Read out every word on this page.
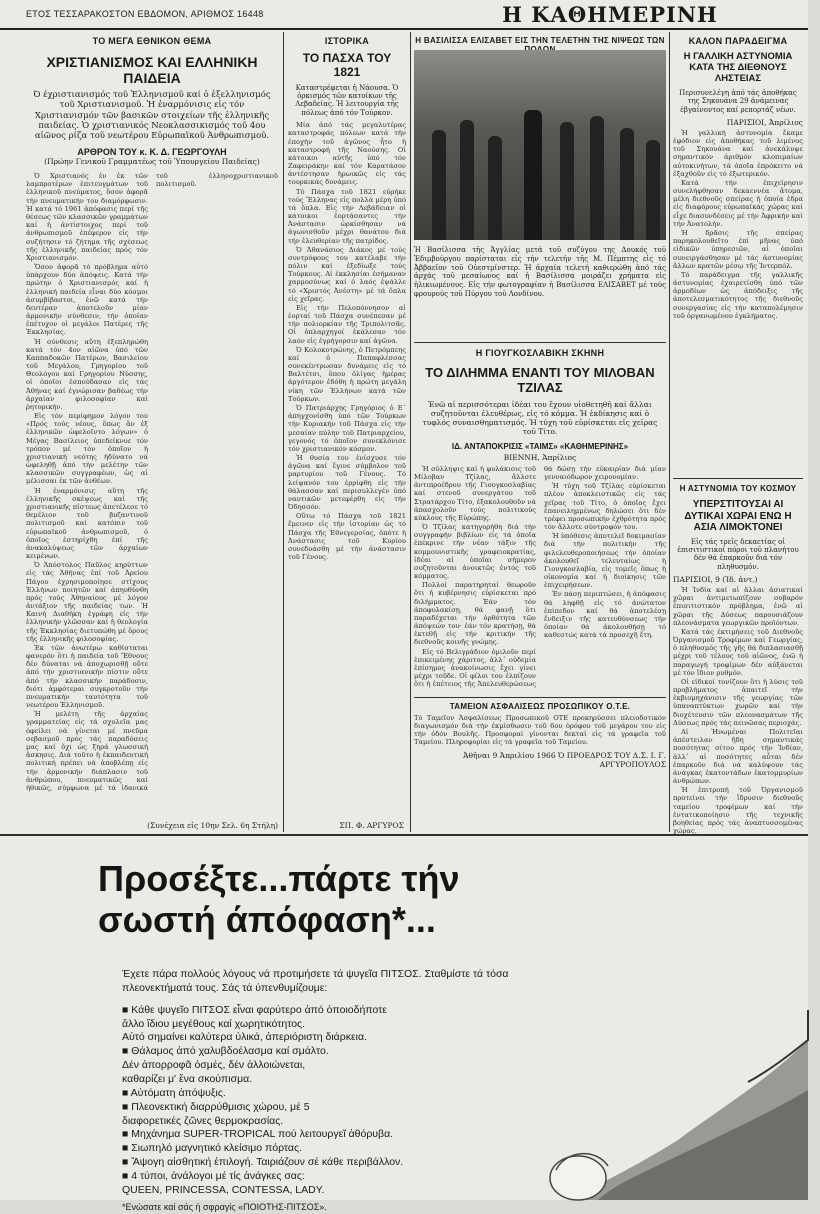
ΕΤΟΣ ΤΕΣΣΑΡΑΚΟΣΤΟΝ ΕΒΔΟΜΟΝ, ΑΡΙΘΜΟΣ 16448	Η ΚΑΘΗΜΕΡΙΝΗ
ΤΟ ΜΕΓΑ ΕΘΝΙΚΟΝ ΘΕΜΑ
ΧΡΙΣΤΙΑΝΙΣΜΟΣ ΚΑΙ ΕΛΛΗΝΙΚΗ ΠΑΙΔΕΙΑ
Ό έχριστιανισμός τοῦ Ἑλληνισμοῦ καί ὁ ἐξελληνισμός τοῦ Χριστιανισμοῦ. Ἡ ἐναρμόνισις εἰς τόν Χριστιανισμόν τῶν βασικῶν στοιχείων τῆς ἑλληνικῆς παιδείας. Ὁ χριστιανικός Νεοκλασσικισμός τοῦ 4ου αἰῶνος ρίζα τοῦ νεωτέρου Εὐρωπαϊκοῦ Ἀνθρωπισμοῦ.
ΑΡΘΡΟΝ ΤΟΥ κ. Κ. Δ. ΓΕΩΡΓΟΥΛΗ
(Πρώην Γενικοῦ Γραμματέως τοῦ Ὑπουργείου Παιδείας)

Ὁ Χριστιανός ἐν ἐκ τῶν λαμπροτέρων ἐπιτευγμάτων τοῦ ἑλληνικοῦ πνεύματος, ὅσον ἀφορᾶ τήν πνευματικήν του διαμόρφωσιν. Ἡ κατά τό 1961 ἀπόφασις περί τῆς θέσεως τῶν κλασσικῶν γραμμάτων καί ἡ ἀντίστοιχος περί τοῦ ἀνθρωπισμοῦ ἐπέφερον εἰς τήν συζήτησιν τό ζήτημα τῆς σχέσεως τῆς ἑλληνικῆς παιδείας πρός τόν Χριστιανισμόν.

Ὅσον ἀφορᾶ τό πρόβλημα αὐτό ὑπάρχουν δύο ἀπόψεις. Κατά τήν πρώτην ὁ Χριστιανισμός καί ἡ ἑλληνική παιδεία εἶναι δύο κόσμοι ἀσυμβίβαστοι, ἐνῶ κατά τήν δευτέραν ἀποτελοῦν μίαν ἀρμονικήν σύνθεσιν, τήν ὁποίαν ἐπέτυχον οἱ μεγάλοι Πατέρες τῆς Ἐκκλησίας.

Ἡ σύνθεσις αὕτη ἐξεπληρώθη κατά τόν 4ον αἰῶνα ὑπό τῶν Καππαδοκῶν Πατέρων, Βασιλείου τοῦ Μεγάλου, Γρηγορίου τοῦ Θεολόγου καί Γρηγορίου Νύσσης, οἱ ὁποῖοι ἐσπούδασαν εἰς τάς Ἀθήνας καί ἐγνώρισαν βαθέως τήν ἀρχαίαν φιλοσοφίαν καί ῥητορικήν.

Εἰς τόν περίφημον λόγον του «Πρός τούς νέους, ὅπως ἄν ἐξ ἑλληνικῶν ὠφελοῖντο λόγων» ὁ Μέγας Βασίλειος ὑπεδείκνυε τόν τρόπον μέ τόν ὁποῖον ἡ χριστιανική νεότης ἠδύνατο νά ὠφεληθῇ ἀπό τήν μελέτην τῶν κλασσικῶν συγγραφέων, ὡς αἱ μέλισσαι ἐκ τῶν ἀνθέων.

Ἡ ἐναρμόνισις αὕτη τῆς ἑλληνικῆς σκέψεως καί τῆς χριστιανικῆς πίστεως ἀπετέλεσε τό θεμέλιον τοῦ βυζαντινοῦ πολιτισμοῦ καί κατόπιν τοῦ εὐρωπαϊκοῦ ἀνθρωπισμοῦ, ὁ ὁποῖος ἐστηρίχθη ἐπί τῆς ἀνακαλύψεως τῶν ἀρχαίων κειμένων.

Ὁ Ἀπόστολος Παῦλος κηρύττων εἰς τάς Ἀθήνας ἐπί τοῦ Ἀρείου Πάγου ἐχρησιμοποίησε στίχους Ἑλλήνων ποιητῶν καί ἀπηυθύνθη πρός τούς Ἀθηναίους μέ λόγον ἀντάξιον τῆς παιδείας των. Ἡ Καινή Διαθήκη ἐγράφη εἰς τήν ἑλληνικήν γλῶσσαν καί ἡ θεολογία τῆς Ἐκκλησίας διετυπώθη μέ ὅρους τῆς ἑλληνικῆς φιλοσοφίας.

Ἐκ τῶν ἀνωτέρω καθίσταται φανερόν ὅτι ἡ παιδεία τοῦ Ἔθνους δέν δύναται νά ἀποχωρισθῇ οὔτε ἀπό τήν χριστιανικήν πίστιν οὔτε ἀπό τήν κλασσικήν παράδοσιν, διότι ἀμφότεραι συγκροτοῦν τήν πνευματικήν ταυτότητα τοῦ νεωτέρου Ἑλληνισμοῦ.

Ἡ μελέτη τῆς ἀρχαίας γραμματείας εἰς τά σχολεῖα μας ὀφείλει νά γίνεται μέ πνεῦμα σεβασμοῦ πρός τάς παραδόσεις μας καί ὄχι ὡς ξηρά γλωσσική ἄσκησις. Διά τοῦτο ἡ ἐκπαιδευτική πολιτική πρέπει νά ἀποβλέπῃ εἰς τήν ἀρμονικήν διάπλασιν τοῦ ἀνθρώπου, πνευματικῶς καί ἠθικῶς, σύμφωνα μέ τά ἰδανικά τοῦ ἑλληνοχριστιανικοῦ πολιτισμοῦ.

(Συνέχεια εἰς 10ην Σελ. 6η Στήλη)
ΙΣΤΟΡΙΚΑ
ΤΟ ΠΑΣΧΑ ΤΟΥ 1821
Καταστρέφεται ἡ Νάουσα. Ὁ ὀρκισμός τῶν κατοίκων τῆς Λεβαδείας. Ἡ λειτουργία τῆς πόλεως ἀπό τόν Τούρκον.

Μία ἀπό τάς μεγαλυτέρας καταστροφάς πόλεων κατά τήν ἐποχήν τοῦ ἀγῶνος ἦτο ἡ καταστροφή τῆς Ναούσης. Οἱ κάτοικοι αὐτῆς ὑπό τόν Ζαφειράκην καί τόν Καρατάσον ἀντέστησαν ἡρωικῶς εἰς τάς τουρκικάς δυνάμεις.

Τό Πάσχα τοῦ 1821 εὑρήκε τούς Ἕλληνας εἰς πολλά μέρη ὑπό τά ὅπλα. Εἰς τήν Λεβάδειαν οἱ κάτοικοι ἐορτάσαντες τήν Ἀνάστασιν ὡρκίσθησαν νά ἀγωνισθοῦν μέχρι θανάτου διά τήν ἐλευθερίαν τῆς πατρίδος.

Ὁ Ἀθανάσιος Διάκος μέ τούς συντρόφους του κατέλαβε τήν πόλιν καί ἐξεδίωξε τούς Τούρκους. Αἱ ἐκκλησίαι ἐσήμαναν χαρμοσύνως καί ὁ λαός ἐψάλλε τό «Χριστός Ἀνέστη» μέ τά ὅπλα εἰς χεῖρας.

Εἰς τήν Πελοπόννησον αἱ ἐορταί τοῦ Πάσχα συνέπεσαν μέ τήν πολιορκίαν τῆς Τριπολιτσᾶς. Οἱ ὁπλαρχηγοί ἐκάλεσαν τόν λαόν εἰς ἐγρήγορσιν καί ἀγῶνα.

Ὁ Κολοκοτρώνης, ὁ Πετρόμπεης καί ὁ Παπαφλέσσας συνεκέντρωσαν δυνάμεις εἰς τό Βαλτέτσι, ὅπου ὀλίγας ἡμέρας ἀργότερον ἐδόθη ἡ πρώτη μεγάλη νίκη τῶν Ἑλλήνων κατά τῶν Τούρκων.

Ὁ Πατριάρχης Γρηγόριος ὁ Ε΄ ἀπηγχονίσθη ὑπό τῶν Τούρκων τήν Κυριακήν τοῦ Πάσχα εἰς τήν μεσαίαν πύλην τοῦ Πατριαρχείου, γεγονός τό ὁποῖον συνεκλόνισε τόν χριστιανικόν κόσμον.

Ἡ θυσία του ἐνίσχυσε τόν ἀγῶνα καί ἔγινε σύμβολον τοῦ μαρτυρίου τοῦ Γένους. Τό λείψανόν του ἐρρίφθη εἰς τήν θάλασσαν καί περισυλλεγέν ὑπό ναυτικῶν μετεφέρθη εἰς τήν Ὀδησσόν.

Οὕτω τό Πάσχα τοῦ 1821 ἔμεινεν εἰς τήν ἱστορίαν ὡς τό Πάσχα τῆς Ἐθνεγερσίας, ὁπότε ἡ Ἀνάστασις τοῦ Κυρίου συνεδυάσθη μέ τήν ἀνάστασιν τοῦ Γένους.

ΣΠ. Φ. ΑΡΓΥΡΟΣ
Η ΒΑΣΙΛΙΣΣΑ ΕΛΙΣΑΒΕΤ ΕΙΣ ΤΗΝ ΤΕΛΕΤΗΝ ΤΗΣ ΝΙΨΕΩΣ ΤΩΝ
Ἡ Βασίλισσα τῆς Ἀγγλίας μετά τοῦ συζύγου της Δουκός τοῦ Ἐδιμβούργου παρίσταται εἰς τήν τελετήν τῆς Μ. Πέμπτης εἰς τό Ἀββαεῖον τοῦ Οὐεστμίνστερ. Ἡ ἀρχαία τελετή καθιερώθη ἀπό τάς ἀρχάς τοῦ μεσαίωνος καί ἡ Βασίλισσα μοιράζει χρήματα εἰς ἡλικιωμένους. Εἰς τήν φωτογραφίαν ἡ Βασίλισσα ΕΛΙΣΑΒΕΤ μέ τούς φρουρούς τοῦ Πύργου τοῦ Λονδίνου.
Η ΓΙΟΥΓΚΟΣΛΑΒΙΚΗ ΣΚΗΝΗ
ΤΟ ΔΙΛΗΜΜΑ ΕΝΑΝΤΙ ΤΟΥ ΜΙΛΟΒΑΝ ΤΖΙΛΑΣ
Ἐνῶ αἱ περισσότεραι ἰδέαι του ἔχουν υἱοθετηθῆ καί ἄλλαι συζητοῦνται ἐλευθέρως, εἰς τό κόμμα. Ἡ ἐκδίκησις καί ὁ τυφλός συναισθηματισμός. Ἡ τύχη τοῦ εὑρίσκεται εἰς χεῖρας τοῦ Τίτο.
ΙΔ. ΑΝΤΑΠΟΚΡΙΣΙΣ «ΤΑΙΜΣ» «ΚΑΘΗΜΕΡΙΝΗΣ»
ΒΙΕΝΝΗ, Ἀπρίλιος

Ἡ σύλληψις καί ἡ φυλάκισις τοῦ Μίλοβαν Τζίλας, ἄλλοτε ἀντιπροέδρου τῆς Γιουγκοσλαβίας καί στενοῦ συνεργάτου τοῦ Στρατάρχου Τίτο, ἐξακολουθοῦν νά ἀπασχολοῦν τούς πολιτικούς κύκλους τῆς Εὐρώπης.

Ὁ Τζίλας κατηγορήθη διά τήν συγγραφήν βιβλίων εἰς τά ὁποῖα ἐπέκρινε τήν νέαν τάξιν τῆς κομμουνιστικῆς γραφειοκρατίας, ἰδέαι αἱ ὁποῖαι σήμερον συζητοῦνται ἀνοικτῶς ἐντός τοῦ κόμματος.

Πολλοί παρατηρηταί θεωροῦν ὅτι ἡ κυβέρνησις εὑρίσκεται πρό διλήμματος. Ἐάν τόν ἀποφυλακίσῃ, θά φανῇ ὅτι παραδέχεται τήν ὀρθότητα τῶν ἀπόψεών του· ἐάν τόν κρατήσῃ, θά ἐκτεθῇ εἰς τήν κριτικήν τῆς διεθνοῦς κοινῆς γνώμης.

Εἰς τό Βελιγράδιον ὁμιλοῦν περί ἐπικειμένης χάριτος, ἀλλ᾽ οὐδεμία ἐπίσημος ἀνακοίνωσις ἔχει γίνει μέχρι τοῦδε. Οἱ φίλοι του ἐλπίζουν ὅτι ἡ ἐπέτειος τῆς Ἀπελευθερώσεως θά δώσῃ τήν εὐκαιρίαν διά μίαν γενναιόδωρον χειρονομίαν.

Ἡ τύχη τοῦ Τζίλας εὑρίσκεται πλέον ἀποκλειστικῶς εἰς τάς χεῖρας τοῦ Τίτο, ὁ ὁποῖος ἔχει ἐπανειλημμένως δηλώσει ὅτι δέν τρέφει προσωπικήν ἐχθρότητα πρός τόν ἄλλοτε σύντροφόν του.

Ἡ ὑπόθεσις ἀποτελεῖ δοκιμασίαν διά τήν πολιτικήν τῆς φιλελευθεροποιήσεως τήν ὁποίαν ἀκολουθεῖ τελευταίως ἡ Γιουγκοσλαβία, εἰς τομεῖς ὅπως ἡ οἰκονομία καί ἡ διοίκησις τῶν ἐπιχειρήσεων.

Ἐν πάσῃ περιπτώσει, ἡ ἀπόφασις θά ληφθῇ εἰς τό ἀνώτατον ἐπίπεδον καί θά ἀποτελέσῃ ἔνδειξιν τῆς κατευθύνσεως τήν ὁποίαν θά ἀκολουθήσῃ τό καθεστώς κατά τά προσεχῆ ἔτη.

ΤΑΜΕΙΟΝ ΑΣΦΑΛΙΣΕΩΣ ΠΡΟΣΩΠΙΚΟΥ Ο.Τ.Ε.
Τό Ταμεῖον Ἀσφαλίσεως Προσωπικοῦ ΟΤΕ προκηρύσσει πλειοδοτικόν διαγωνισμόν διά τήν ἐκμίσθωσιν τοῦ 6ου ὀρόφου τοῦ μεγάρου του εἰς τήν ὁδόν Βουλῆς. Προσφοραί γίνονται δεκταί εἰς τά γραφεῖα τοῦ Ταμείου. Πληροφορίαι εἰς τά γραφεῖα τοῦ Ταμείου.
Ἀθῆναι 9 Ἀπριλίου 1966 Ὁ ΠΡΟΕΔΡΟΣ ΤΟΥ Δ.Σ. Ι. Γ. ΑΡΓΥΡΟΠΟΥΛΟΣ
ΚΑΛΟΝ ΠΑΡΑΔΕΙΓΜΑ
Η ΓΑΛΛΙΚΗ ΑΣΤΥΝΟΜΙΑ ΚΑΤΑ ΤΗΣ ΔΙΕΘΝΟΥΣ ΛΗΣΤΕΙΑΣ
Περισυνελέγη ἀπό τάς ἀποθήκας της Σηκουάνα 29 ἀνάμεινας ἐβγαίνοντος καί ρεπορτάζ νέων.
ΠΑΡΙΣΙΟΙ, Ἀπρίλιος

Ἡ γαλλική ἀστυνομία ἔκαμε ἐφόδιον εἰς ἀποθήκας τοῦ λιμένος τοῦ Σηκουάνα καί ἀνεκάλυψε σημαντικόν ἀριθμόν κλοπιμαίων αὐτοκινήτων, τά ὁποῖα ἐπρόκειτο νά ἐξαχθοῦν εἰς τό ἐξωτερικόν.

Κατά τήν ἐπιχείρησιν συνελήφθησαν δεκαεννέα ἄτομα, μέλη διεθνοῦς σπείρας ἡ ὁποία ἐδρα εἰς διαφόρους εὐρωπαϊκάς χώρας καί εἶχε διασυνδέσεις μέ τήν Ἀφρικήν καί τήν Ἀνατολήν.

Ἡ δρᾶσις τῆς σπείρας παρηκολουθεῖτο ἐπί μῆνας ὑπό εἰδικῶν ὑπηρεσιῶν, αἱ ὁποῖαι συνειργάσθησαν μέ τάς ἀστυνομίας ἄλλων κρατῶν μέσῳ τῆς Ἰντερπόλ.

Τό παράδειγμα τῆς γαλλικῆς ἀστυνομίας ἐχαιρετίσθη ὑπό τῶν ἀρμοδίων ὡς ἀπόδειξις τῆς ἀποτελεσματικότητος τῆς διεθνοῦς συνεργασίας εἰς τήν καταπολέμησιν τοῦ ὀργανωμένου ἐγκλήματος.

Η ΑΣΤΥΝΟΜΙΑ ΤΟΥ ΚΟΣΜΟΥ
ΥΠΕΡΣΤΙΤΟΥΣΑΙ ΑΙ ΔΥΤΙΚΑΙ ΧΩΡΑΙ ΕΝΩ Η ΑΣΙΑ ΛΙΜΟΚΤΟΝΕΙ
Εἰς τάς τρεῖς δεκαετίας οἱ ἐπισιτιστικοί πόροι τοῦ πλανήτου δέν θά ἐπαρκοῦν διά τόν πληθυσμόν.
ΠΑΡΙΣΙΟΙ, 9 (Ἰδ. ἀντ.)

Ἡ Ἰνδία καί αἱ ἄλλαι ἀσιατικαί χῶραι ἀντιμετωπίζουν σοβαρόν ἐπισιτιστικόν πρόβλημα, ἐνῶ αἱ χῶραι τῆς Δύσεως παρουσιάζουν πλεονάσματα γεωργικῶν προϊόντων.

Κατά τάς ἐκτιμήσεις τοῦ Διεθνοῦς Ὀργανισμοῦ Τροφίμων καί Γεωργίας, ὁ πληθυσμός τῆς γῆς θά διπλασιασθῇ μέχρι τοῦ τέλους τοῦ αἰῶνος, ἐνῶ ἡ παραγωγή τροφίμων δέν αὐξάνεται μέ τόν ἴδιον ρυθμόν.

Οἱ εἰδικοί τονίζουν ὅτι ἡ λύσις τοῦ προβλήματος ἀπαιτεῖ τήν ἐκβιομηχάνισιν τῆς γεωργίας τῶν ὑπαναπτύκτων χωρῶν καί τήν διοχέτευσιν τῶν πλεονασμάτων τῆς Δύσεως πρός τάς πεινῶσας περιοχάς.

Αἱ Ἡνωμέναι Πολιτεῖαι ἀπέστειλαν ἤδη σημαντικάς ποσότητας σίτου πρός τήν Ἰνδίαν, ἀλλ᾽ αἱ ποσότητες αὗται δέν ἐπαρκοῦν διά νά καλύψουν τάς ἀνάγκας ἑκατοντάδων ἑκατομμυρίων ἀνθρώπων.

Ἡ ἐπιτροπή τοῦ Ὀργανισμοῦ προτείνει τήν ἵδρυσιν διεθνοῦς ταμείου τροφίμων καί τήν ἐντατικοποίησιν τῆς τεχνικῆς βοηθείας πρός τάς ἀναπτυσσομένας χώρας.

Προσέξτε...πάρτε τήν
σωστή άπόφαση*...
Έχετε πάρα πολλούς λόγους νά προτιμήσετε τά ψυγεῖα ΠΙΤΣΟΣ. Σταθμίστε τά τόσα πλεονεκτήματά τους. Σάς τά ύπενθυμίζουμε:
■ Κάθε ψυγεῖο ΠΙΤΣΟΣ εἶναι φαρύτερο ἀπό ὁποιοδήποτε
ἄλλο ἴδιου μεγέθους καί χωρητικότητος.
Αὐτό σημαίνει καλύτερα ὑλικά, ἀπεριόριστη διάρκεια.
■ Θάλαμος ἀπό χαλυβδοέλασμα καί σμάλτο.
Δέν ἀπορροφᾶ ὀσμές, δέν ἀλλοιώνεται,
καθαρίζει μ' ἕνα σκούπισμα.
■ Αὐτόματη ἀπόψυξις.
■ Πλεονεκτική διαρρύθμισις χώρου, μέ 5
διαφορετικές ζῶνες θερμοκρασίας.
■ Μηχάνημα SUPER-TROPICAL πού λειτουργεῖ ἀθόρυβα.
■ Σιωπηλό μαγνητικό κλείσιμο πόρτας.
■ Ἄψογη αἰσθητική ἐπιλογή. Ταιριάζουν σέ κάθε περιβάλλον.
■ 4 τύποι, ἀνάλογοι μέ τίς ἀνάγκες σας:
QUEEN, PRINCESSA, CONTESSA, LADY.
*Ενώσατε καί σάς ἡ σφραγίς «ΠΟΙΟΤΗΣ-ΠΙΤΣΟΣ».
